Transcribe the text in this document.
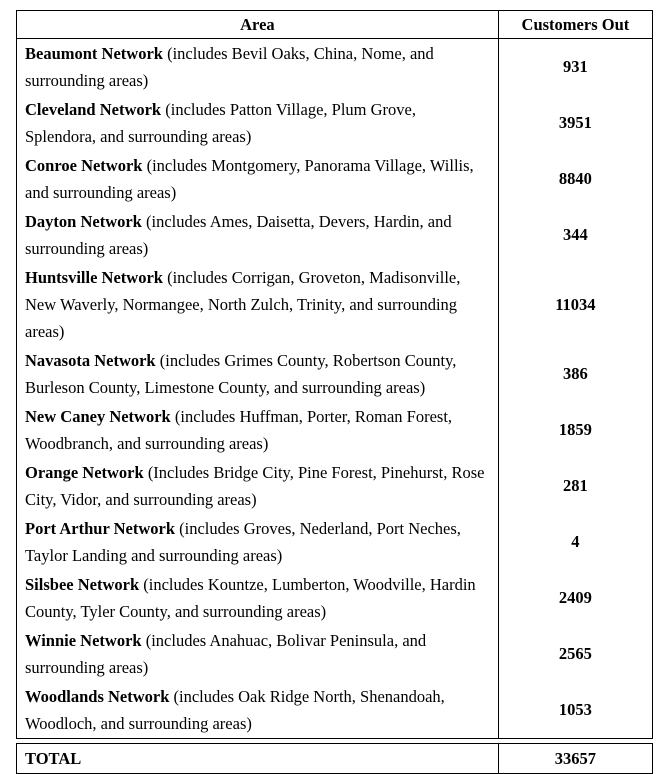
Area	Customers Out
Beaumont Network (includes Bevil Oaks, China, Nome, and surrounding areas)	931
Cleveland Network (includes Patton Village, Plum Grove, Splendora, and surrounding areas)	3951
Conroe Network (includes Montgomery, Panorama Village, Willis, and surrounding areas)	8840
Dayton Network (includes Ames, Daisetta, Devers, Hardin, and surrounding areas)	344
Huntsville Network (includes Corrigan, Groveton, Madisonville, New Waverly, Normangee, North Zulch, Trinity, and surrounding areas)	11034
Navasota Network (includes Grimes County, Robertson County, Burleson County, Limestone County, and surrounding areas)	386
New Caney Network (includes Huffman, Porter, Roman Forest, Woodbranch, and surrounding areas)	1859
Orange Network (Includes Bridge City, Pine Forest, Pinehurst, Rose City, Vidor, and surrounding areas)	281
Port Arthur Network (includes Groves, Nederland, Port Neches, Taylor Landing and surrounding areas)	4
Silsbee Network (includes Kountze, Lumberton, Woodville, Hardin County, Tyler County, and surrounding areas)	2409
Winnie Network (includes Anahuac, Bolivar Peninsula, and surrounding areas)	2565
Woodlands Network (includes Oak Ridge North, Shenandoah, Woodloch, and surrounding areas)	1053

TOTAL	33657
